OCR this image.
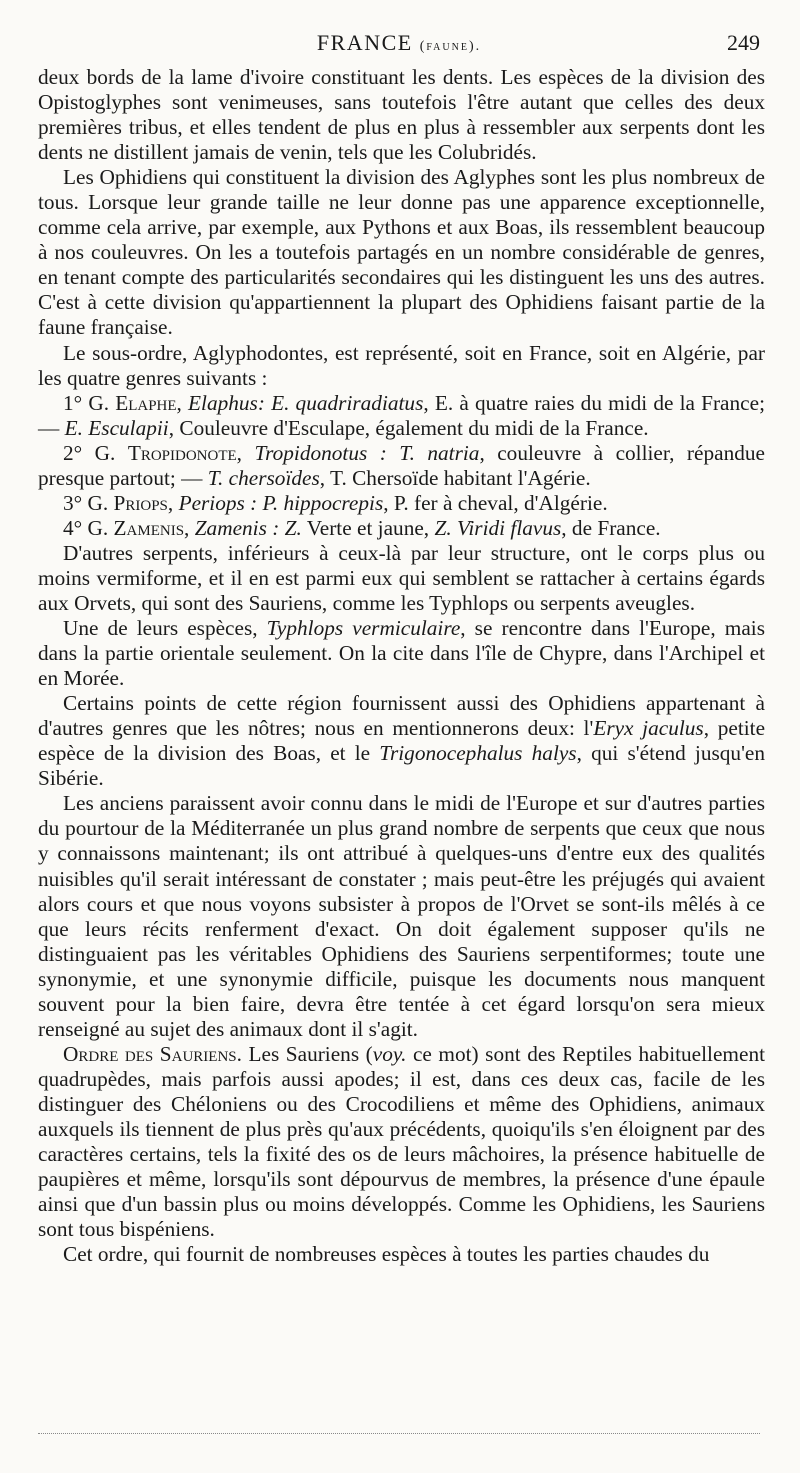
FRANCE (faune).	249

deux bords de la lame d'ivoire constituant les dents. Les espèces de la division des Opistoglyphes sont venimeuses, sans toutefois l'être autant que celles des deux premières tribus, et elles tendent de plus en plus à ressembler aux serpents dont les dents ne distillent jamais de venin, tels que les Colubridés.

Les Ophidiens qui constituent la division des Aglyphes sont les plus nombreux de tous. Lorsque leur grande taille ne leur donne pas une apparence exceptionnelle, comme cela arrive, par exemple, aux Pythons et aux Boas, ils ressemblent beaucoup à nos couleuvres. On les a toutefois partagés en un nombre considérable de genres, en tenant compte des particularités secondaires qui les distinguent les uns des autres. C'est à cette division qu'appartiennent la plupart des Ophidiens faisant partie de la faune française.

Le sous-ordre, Aglyphodontes, est représenté, soit en France, soit en Algérie, par les quatre genres suivants :

1° G. Elaphe, Elaphus: E. quadriradiatus, E. à quatre raies du midi de la France; — E. Esculapii, Couleuvre d'Esculape, également du midi de la France.

2° G. Tropidonote, Tropidonotus : T. natria, couleuvre à collier, répandue presque partout; — T. chersoïdes, T. Chersoïde habitant l'Agérie.

3° G. Priops, Periops : P. hippocrepis, P. fer à cheval, d'Algérie.

4° G. Zamenis, Zamenis : Z. Verte et jaune, Z. Viridi flavus, de France.

D'autres serpents, inférieurs à ceux-là par leur structure, ont le corps plus ou moins vermiforme, et il en est parmi eux qui semblent se rattacher à certains égards aux Orvets, qui sont des Sauriens, comme les Typhlops ou serpents aveugles.

Une de leurs espèces, Typhlops vermiculaire, se rencontre dans l'Europe, mais dans la partie orientale seulement. On la cite dans l'île de Chypre, dans l'Archipel et en Morée.

Certains points de cette région fournissent aussi des Ophidiens appartenant à d'autres genres que les nôtres; nous en mentionnerons deux: l'Eryx jaculus, petite espèce de la division des Boas, et le Trigonocephalus halys, qui s'étend jusqu'en Sibérie.

Les anciens paraissent avoir connu dans le midi de l'Europe et sur d'autres parties du pourtour de la Méditerranée un plus grand nombre de serpents que ceux que nous y connaissons maintenant; ils ont attribué à quelques-uns d'entre eux des qualités nuisibles qu'il serait intéressant de constater ; mais peut-être les préjugés qui avaient alors cours et que nous voyons subsister à propos de l'Orvet se sont-ils mêlés à ce que leurs récits renferment d'exact. On doit également supposer qu'ils ne distinguaient pas les véritables Ophidiens des Sauriens serpentiformes; toute une synonymie, et une synonymie difficile, puisque les documents nous manquent souvent pour la bien faire, devra être tentée à cet égard lorsqu'on sera mieux renseigné au sujet des animaux dont il s'agit.

Ordre des Sauriens. Les Sauriens (voy. ce mot) sont des Reptiles habituellement quadrupèdes, mais parfois aussi apodes; il est, dans ces deux cas, facile de les distinguer des Chéloniens ou des Crocodiliens et même des Ophidiens, animaux auxquels ils tiennent de plus près qu'aux précédents, quoiqu'ils s'en éloignent par des caractères certains, tels la fixité des os de leurs mâchoires, la présence habituelle de paupières et même, lorsqu'ils sont dépourvus de membres, la présence d'une épaule ainsi que d'un bassin plus ou moins développés. Comme les Ophidiens, les Sauriens sont tous bispéniens.

Cet ordre, qui fournit de nombreuses espèces à toutes les parties chaudes du
